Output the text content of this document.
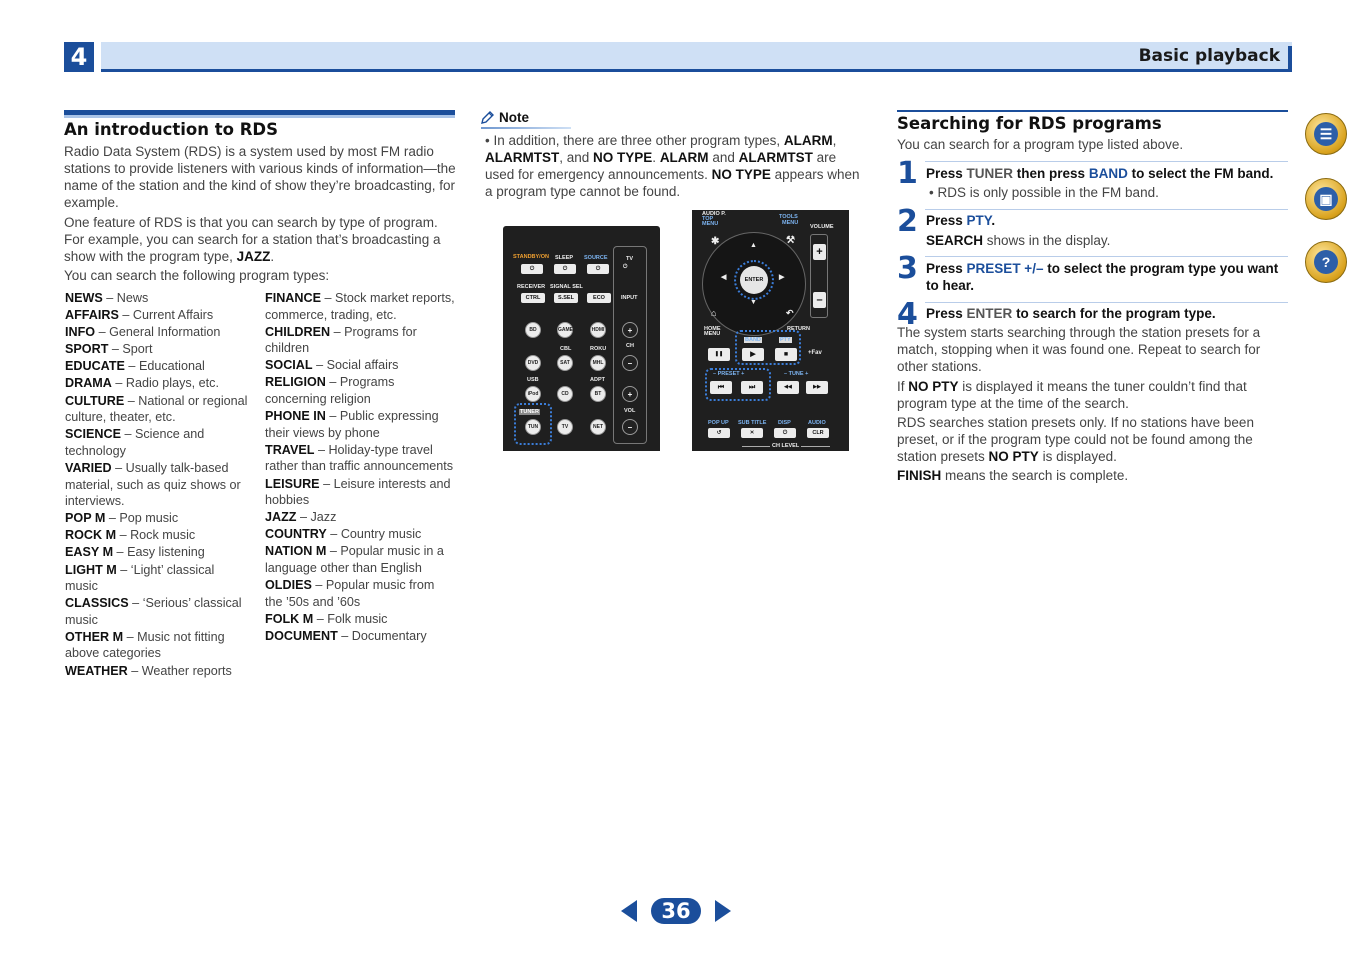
4	Basic playback
An introduction to RDS
Radio Data System (RDS) is a system used by most FM radio stations to provide listeners with various kinds of information—the name of the station and the kind of show they’re broadcasting, for example.
One feature of RDS is that you can search by type of program. For example, you can search for a station that’s broadcasting a show with the program type, JAZZ.
You can search the following program types:
NEWS – News
AFFAIRS – Current Affairs
INFO – General Information
SPORT – Sport
EDUCATE – Educational
DRAMA – Radio plays, etc.
CULTURE – National or regional culture, theater, etc.
SCIENCE – Science and technology
VARIED – Usually talk-based material, such as quiz shows or interviews.
POP M – Pop music
ROCK M – Rock music
EASY M – Easy listening
LIGHT M – ‘Light’ classical music
CLASSICS – ‘Serious’ classical music
OTHER M – Music not fitting above categories
WEATHER – Weather reports
FINANCE – Stock market reports, commerce, trading, etc.
CHILDREN – Programs for children
SOCIAL – Social affairs
RELIGION – Programs concerning religion
PHONE IN – Public expressing their views by phone
TRAVEL – Holiday-type travel rather than traffic announcements
LEISURE – Leisure interests and hobbies
JAZZ – Jazz
COUNTRY – Country music
NATION M – Popular music in a language other than English
OLDIES – Popular music from the ’50s and ’60s
FOLK M – Folk music
DOCUMENT – Documentary
Note
• In addition, there are three other program types, ALARM, ALARMTST, and NO TYPE. ALARM and ALARMTST are used for emergency announcements. NO TYPE appears when a program type cannot be found.
STANDBY/ON SLEEP SOURCE	TV
⏻	⏻	⏻	⏻
RECEIVER SIGNAL SEL
CTRL	S.SEL	ECO	INPUT
BD	GAME	HDMI	+
CH
CBL	ROKU
DVD	SAT	MHL	–
USB	ADPT
iPod	CD	BT	+
VOL
TUNER
TUN	TV	NET	–
AUDIO P.
TOP
MENU
TOOLS
MENU
VOLUME
✱	⚒
▲
▼
◀	▶
ENTER
⌂	↶
HOME
MENU
RETURN
+
–
BAND	PTY
❚❚	▶	■	+Fav
– PRESET +	– TUNE +
⏮	⏭	◀◀	▶▶
POP UP SUB TITLE DISP	AUDIO
↺	⨯	⏻	CLR
CH LEVEL
Searching for RDS programs
You can search for a program type listed above.
1 Press TUNER then press BAND to select the FM band.
• RDS is only possible in the FM band.
2 Press PTY.
SEARCH shows in the display.
3 Press PRESET +/– to select the program type you want to hear.
4 Press ENTER to search for the program type.
The system starts searching through the station presets for a match, stopping when it was found one. Repeat to search for other stations.
If NO PTY is displayed it means the tuner couldn’t find that program type at the time of the search.
RDS searches station presets only. If no stations have been preset, or if the program type could not be found among the station presets NO PTY is displayed.
FINISH means the search is complete.
☰
▣
?
36
